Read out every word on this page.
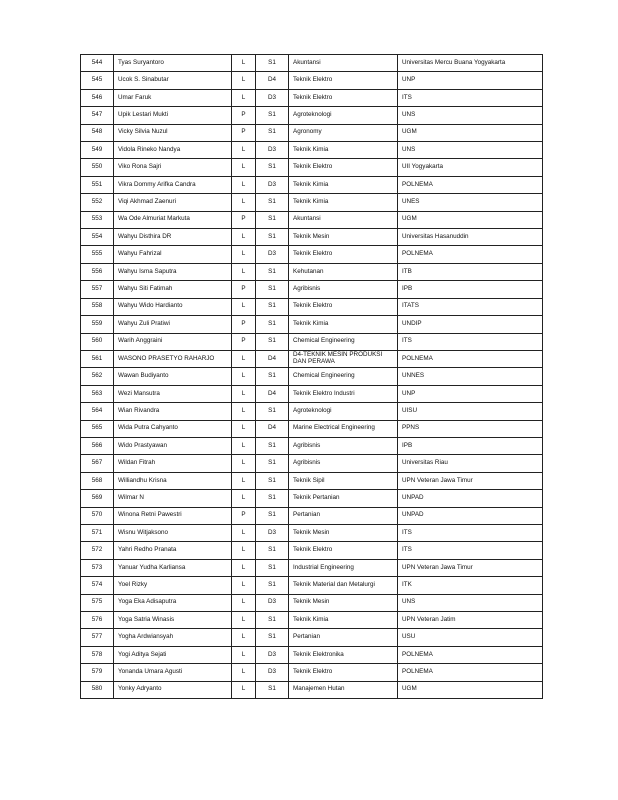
544	Tyas Suryantoro	L	S1	Akuntansi	Universitas Mercu Buana Yogyakarta
545	Ucok S. Sinabutar	L	D4	Teknik Elektro	UNP
546	Umar Faruk	L	D3	Teknik Elektro	ITS
547	Upik Lestari Mukti	P	S1	Agroteknologi	UNS
548	Vicky Silvia Nuzul	P	S1	Agronomy	UGM
549	Vidola Rineko Nandya	L	D3	Teknik Kimia	UNS
550	Viko Rona Sajri	L	S1	Teknik Elektro	UII Yogyakarta
551	Vikra Dommy Arifka Candra	L	D3	Teknik Kimia	POLNEMA
552	Viqi Akhmad Zaenuri	L	S1	Teknik Kimia	UNES
553	Wa Ode Almuriat Markuta	P	S1	Akuntansi	UGM
554	Wahyu Disthira DR	L	S1	Teknik Mesin	Universitas Hasanuddin
555	Wahyu Fahrizal	L	D3	Teknik Elektro	POLNEMA
556	Wahyu Isma Saputra	L	S1	Kehutanan	ITB
557	Wahyu Siti Fatimah	P	S1	Agribisnis	IPB
558	Wahyu Wido Hardianto	L	S1	Teknik Elektro	ITATS
559	Wahyu Zuli Pratiwi	P	S1	Teknik Kimia	UNDIP
560	Warih Anggraini	P	S1	Chemical Engineering	ITS
561	WASONO PRASETYO RAHARJO	L	D4	D4-TEKNIK MESIN PRODUKSI DAN PERAWA	POLNEMA
562	Wawan Budiyanto	L	S1	Chemical Engineering	UNNES
563	Wezi Mansutra	L	D4	Teknik Elektro Industri	UNP
564	Wian Rivandra	L	S1	Agroteknologi	UISU
565	Wida Putra Cahyanto	L	D4	Marine Electrical Engineering	PPNS
566	Wido Prastyawan	L	S1	Agribisnis	IPB
567	Wildan Fitrah	L	S1	Agribisnis	Universitas Riau
568	Williandhu Krisna	L	S1	Teknik Sipil	UPN Veteran Jawa Timur
569	Wilmar N	L	S1	Teknik Pertanian	UNPAD
570	Winona Retni Pawestri	P	S1	Pertanian	UNPAD
571	Wisnu Witjaksono	L	D3	Teknik Mesin	ITS
572	Yahri Redho Pranata	L	S1	Teknik Elektro	ITS
573	Yanuar Yudha Karliansa	L	S1	Industrial Engineering	UPN Veteran Jawa Timur
574	Yoel Rizky	L	S1	Teknik Material dan Metalurgi	ITK
575	Yoga Eka Adisaputra	L	D3	Teknik Mesin	UNS
576	Yoga Satria Winasis	L	S1	Teknik Kimia	UPN Veteran Jatim
577	Yogha Ardwiansyah	L	S1	Pertanian	USU
578	Yogi Aditya Sejati	L	D3	Teknik Elektronika	POLNEMA
579	Yonanda Umara Agusti	L	D3	Teknik Elektro	POLNEMA
580	Yonky Adryanto	L	S1	Manajemen Hutan	UGM
